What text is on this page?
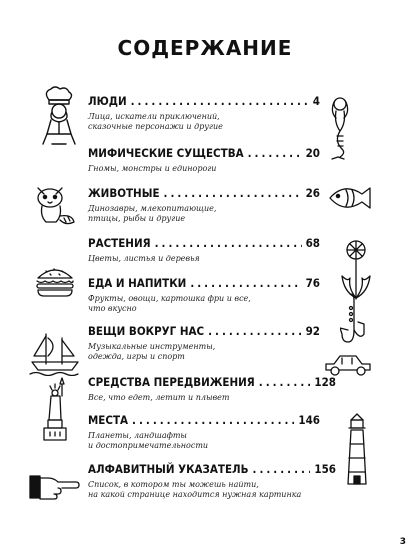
СОДЕРЖАНИЕ
ЛЮДИ .....	4
Лица, искатели приключений,
сказочные персонажи и другие
МИФИЧЕСКИЕ СУЩЕСТВА .....	20
Гномы, монстры и единороги
ЖИВОТНЫЕ .....	26
Динозавры, млекопитающие,
птицы, рыбы и другие
РАСТЕНИЯ .....	68
Цветы, листья и деревья
ЕДА И НАПИТКИ .....	76
Фрукты, овощи, картошка фри и все,
что вкусно
ВЕЩИ ВОКРУГ НАС .....	92
Музыкальные инструменты,
одежда, игры и спорт
СРЕДСТВА ПЕРЕДВИЖЕНИЯ .....	128
Все, что едет, летит и плывет
МЕСТА .....	146
Планеты, ландшафты
и достопримечательности
АЛФАВИТНЫЙ УКАЗАТЕЛЬ .....	156
Список, в котором ты можешь найти,
на какой странице находится нужная картинка
3
